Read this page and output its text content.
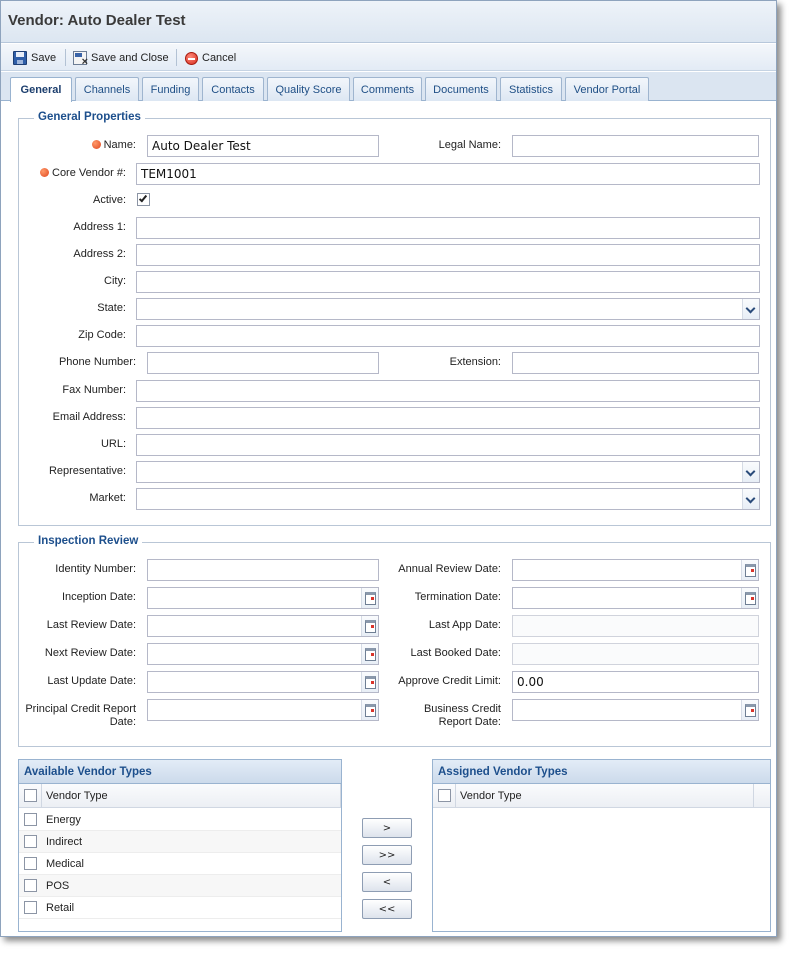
Vendor: Auto Dealer Test
Save
×	Save and Close	Cancel
General	Channels	Funding	Contacts	Quality Score	Comments	Documents	Statistics	Vendor Portal
General Properties
Name:	Auto Dealer Test	Legal Name:
Core Vendor #:	TEM1001
Active:
Address 1:
Address 2:
City:
State:
Zip Code:
Phone Number:	Extension:
Fax Number:
Email Address:
URL:
Representative:
Market:
Inspection Review
Identity Number:	Annual Review Date:
Inception Date:	Termination Date:
Last Review Date:	Last App Date:
Next Review Date:	Last Booked Date:
Last Update Date:	Approve Credit Limit:	0.00
Principal Credit Report
Date:
Business Credit
Report Date:
Available Vendor Types
Vendor Type
Energy
Indirect
Medical
POS
Retail
>
>>
<
<<
Assigned Vendor Types
Vendor Type
